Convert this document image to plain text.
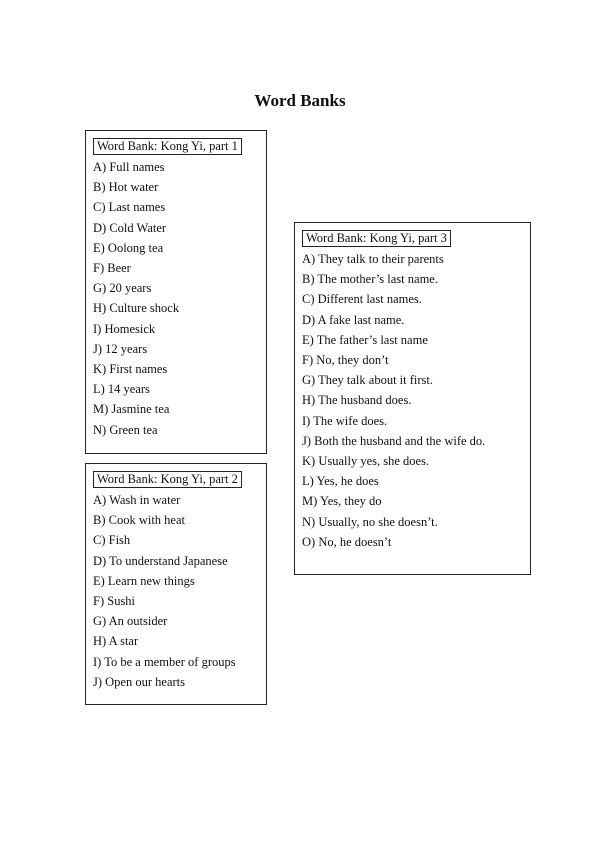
Word Banks
Word Bank: Kong Yi, part 1
A) Full names
B) Hot water
C) Last names
D) Cold Water
E) Oolong tea
F) Beer
G) 20 years
H) Culture shock
I) Homesick
J) 12 years
K) First names
L) 14 years
M) Jasmine tea
N) Green tea
Word Bank: Kong Yi, part 2
A) Wash in water
B) Cook with heat
C) Fish
D) To understand Japanese
E) Learn new things
F) Sushi
G) An outsider
H) A star
I) To be a member of groups
J) Open our hearts
Word Bank: Kong Yi, part 3
A) They talk to their parents
B) The mother’s last name.
C) Different last names.
D) A fake last name.
E) The father’s last name
F) No, they don’t
G) They talk about it first.
H) The husband does.
I) The wife does.
J) Both the husband and the wife do.
K) Usually yes, she does.
L) Yes, he does
M) Yes, they do
N) Usually, no she doesn’t.
O) No, he doesn’t
